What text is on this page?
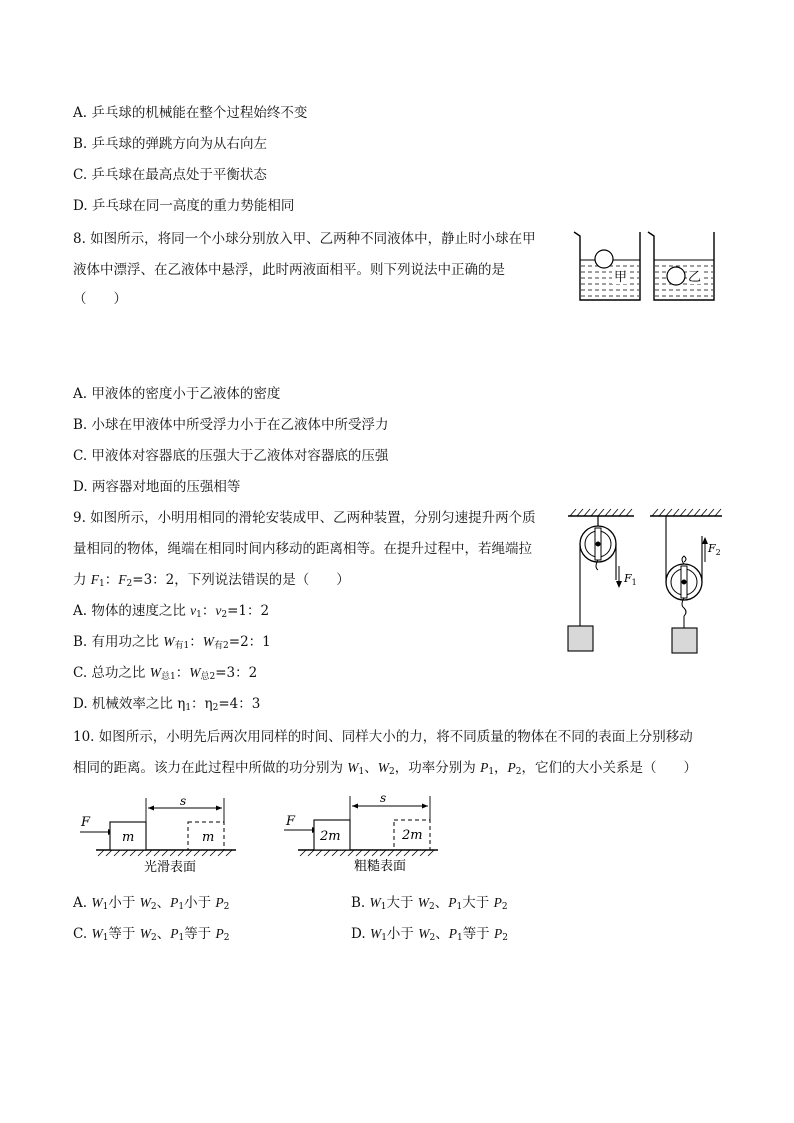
A. 乒乓球的机械能在整个过程始终不变
B. 乒乓球的弹跳方向为从右向左
C. 乒乓球在最高点处于平衡状态
D. 乒乓球在同一高度的重力势能相同
8. 如图所示，将同一个小球分别放入甲、乙两种不同液体中，静止时小球在甲
液体中漂浮、在乙液体中悬浮，此时两液面相平。则下列说法中正确的是
（　　）
甲	乙
A. 甲液体的密度小于乙液体的密度
B. 小球在甲液体中所受浮力小于在乙液体中所受浮力
C. 甲液体对容器底的压强大于乙液体对容器底的压强
D. 两容器对地面的压强相等
9. 如图所示，小明用相同的滑轮安装成甲、乙两种装置，分别匀速提升两个质
量相同的物体，绳端在相同时间内移动的距离相等。在提升过程中，若绳端拉
力 $F_1$：$F_2=3$：2，下列说法错误的是（　　）
A. 物体的速度之比 $v_1$：$v_2=1$：2
B. 有用功之比 $W_{有1}$：$W_{有2}=2$：1
C. 总功之比 $W_{总1}$：$W_{总2}=3$：2
D. 机械效率之比 $\eta_1$：$\eta_2=4$：3
$F_1$
$F_2$
10. 如图所示，小明先后两次用同样的时间、同样大小的力，将不同质量的物体在不同的表面上分别移动
相同的距离。该力在此过程中所做的功分别为 $W_1$、$W_2$，功率分别为 $P_1$，$P_2$，它们的大小关系是（　　）
F
m	m
s
光滑表面
F
2m	2m
s
粗糙表面
A. $W_1$小于 $W_2$、$P_1$小于 $P_2$	B. $W_1$大于 $W_2$、$P_1$大于 $P_2$
C. $W_1$等于 $W_2$、$P_1$等于 $P_2$	D. $W_1$小于 $W_2$、$P_1$等于 $P_2$
